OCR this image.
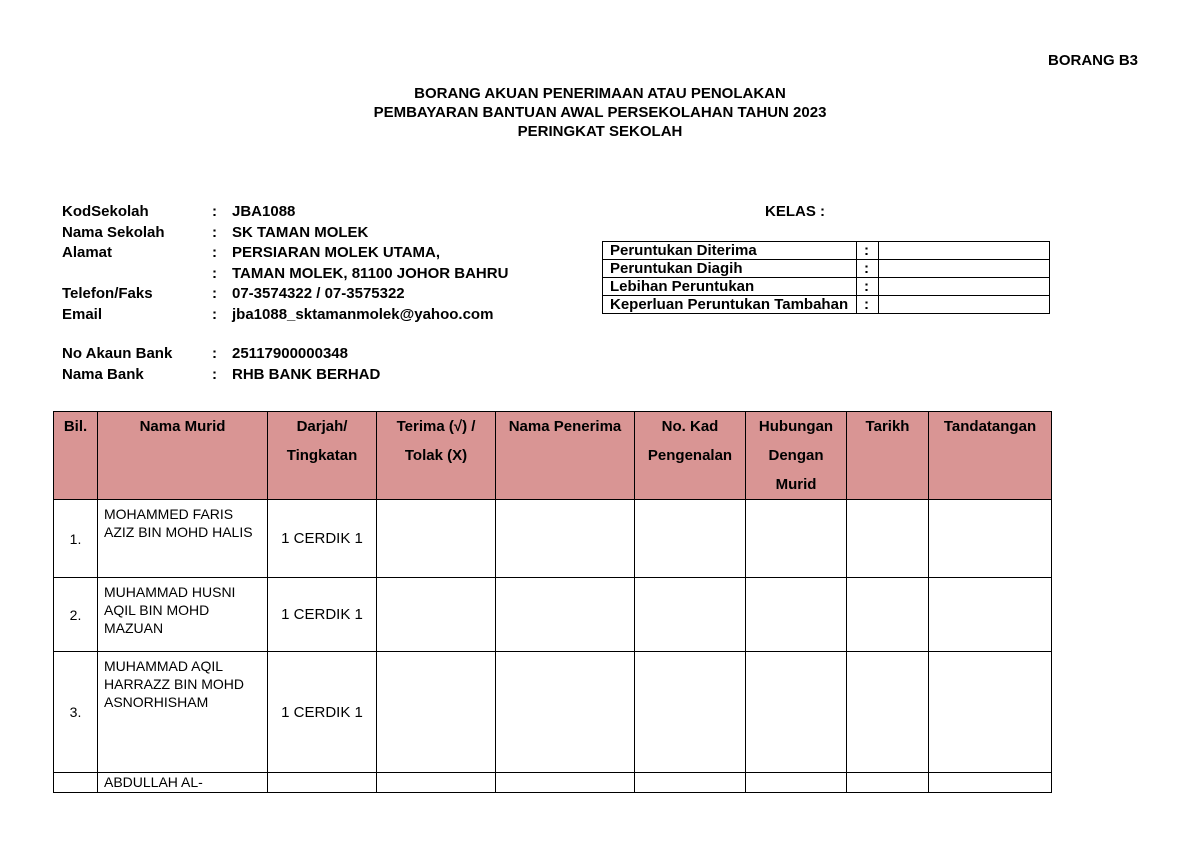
BORANG B3
BORANG AKUAN PENERIMAAN ATAU PENOLAKAN
PEMBAYARAN BANTUAN AWAL PERSEKOLAHAN TAHUN 2023
PERINGKAT SEKOLAH
KodSekolah	: JBA1088
Nama Sekolah	: SK TAMAN MOLEK
Alamat	: PERSIARAN MOLEK UTAMA,
: TAMAN MOLEK, 81100 JOHOR BAHRU
Telefon/Faks	: 07-3574322 / 07-3575322
Email	: jba1088_sktamanmolek@yahoo.com
No Akaun Bank	: 25117900000348
Nama Bank	: RHB BANK BERHAD
KELAS :
Peruntukan Diterima	:	
Peruntukan Diagih	:	
Lebihan Peruntukan	:	
Keperluan Peruntukan Tambahan	:	
Bil.	Nama Murid	Darjah/ Tingkatan	Terima (√) / Tolak (X)	Nama Penerima	No. Kad Pengenalan	Hubungan Dengan Murid	Tarikh	Tandatangan
1.	MOHAMMED FARIS AZIZ BIN MOHD HALIS	1 CERDIK 1						
2.	MUHAMMAD HUSNI AQIL BIN MOHD MAZUAN	1 CERDIK 1						
3.	MUHAMMAD AQIL HARRAZZ BIN MOHD ASNORHISHAM	1 CERDIK 1						
	ABDULLAH AL-							
